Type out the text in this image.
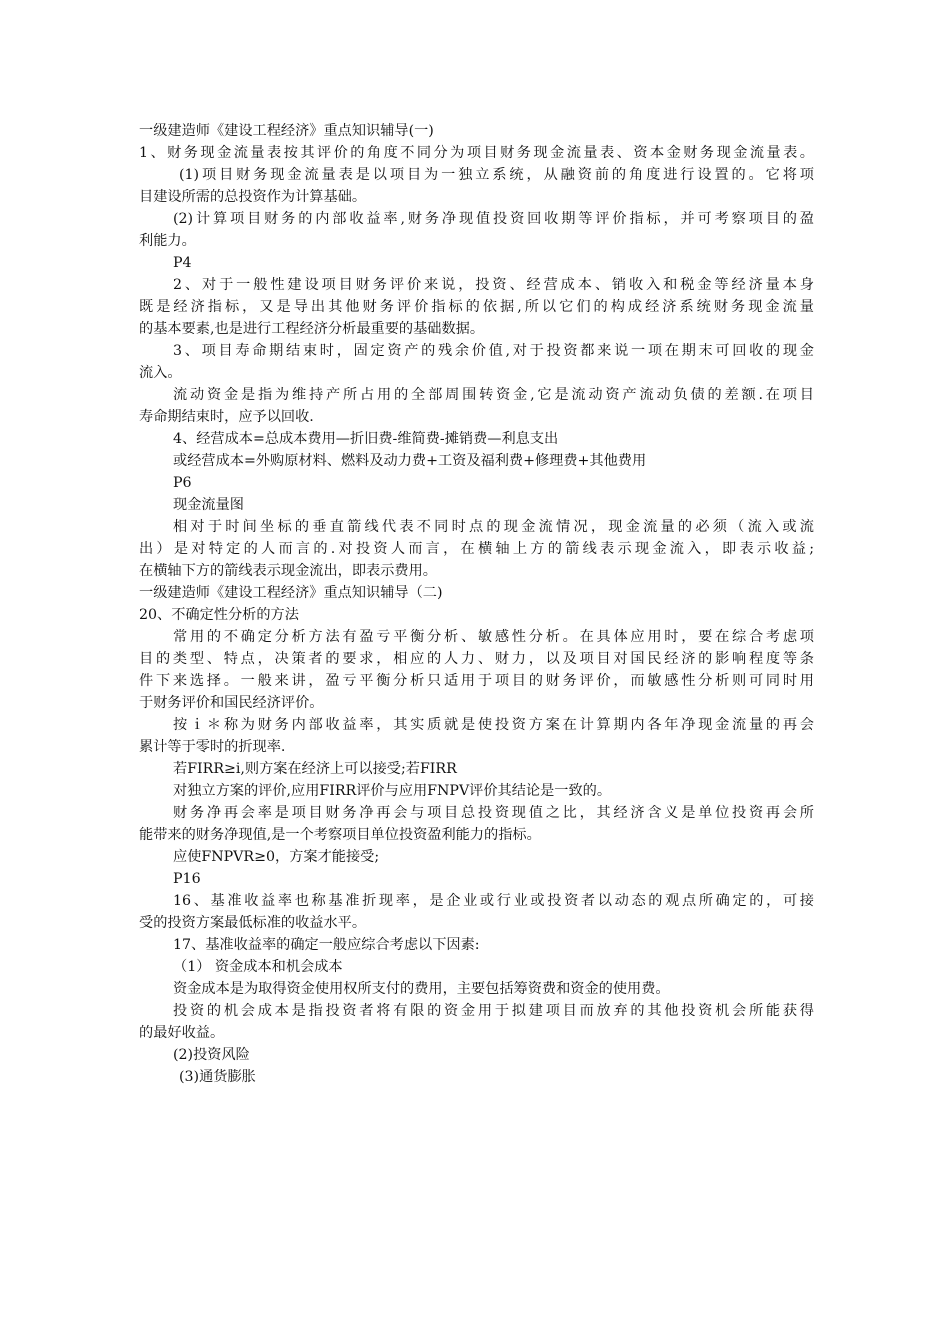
一级建造师《建设工程经济》重点知识辅导(一)
1、财务现金流量表按其评价的角度不同分为项目财务现金流量表、资本金财务现金流量表。
(1)项目财务现金流量表是以项目为一独立系统，从融资前的角度进行设置的。它将项
目建设所需的总投资作为计算基础。
(2)计算项目财务的内部收益率,财务净现值投资回收期等评价指标，并可考察项目的盈
利能力。
P4
2、对于一般性建设项目财务评价来说，投资、经营成本、销收入和税金等经济量本身
既是经济指标，又是导出其他财务评价指标的依据,所以它们的构成经济系统财务现金流量
的基本要素,也是进行工程经济分析最重要的基础数据。
3、项目寿命期结束时，固定资产的残余价值,对于投资都来说一项在期末可回收的现金
流入。
流动资金是指为维持产所占用的全部周围转资金,它是流动资产流动负债的差额.在项目
寿命期结束时，应予以回收.
4、经营成本=总成本费用—折旧费-维简费-摊销费—利息支出
或经营成本=外购原材料、燃料及动力费+工资及福利费+修理费+其他费用
P6
现金流量图
相对于时间坐标的垂直箭线代表不同时点的现金流情况，现金流量的必须（流入或流
出）是对特定的人而言的.对投资人而言，在横轴上方的箭线表示现金流入，即表示收益;
在横轴下方的箭线表示现金流出，即表示费用。
一级建造师《建设工程经济》重点知识辅导（二)
20、不确定性分析的方法
常用的不确定分析方法有盈亏平衡分析、敏感性分析。在具体应用时，要在综合考虑项
目的类型、特点，决策者的要求，相应的人力、财力，以及项目对国民经济的影响程度等条
件下来选择。一般来讲，盈亏平衡分析只适用于项目的财务评价，而敏感性分析则可同时用
于财务评价和国民经济评价。
按ｉ＊称为财务内部收益率，其实质就是使投资方案在计算期内各年净现金流量的再会
累计等于零时的折现率.
若FIRR≥i,则方案在经济上可以接受;若FIRR
对独立方案的评价,应用FIRR评价与应用FNPV评价其结论是一致的。
财务净再会率是项目财务净再会与项目总投资现值之比，其经济含义是单位投资再会所
能带来的财务净现值,是一个考察项目单位投资盈利能力的指标。
应使FNPVR≥0，方案才能接受;
P16
16、基准收益率也称基准折现率，是企业或行业或投资者以动态的观点所确定的，可接
受的投资方案最低标准的收益水平。
17、基准收益率的确定一般应综合考虑以下因素:
（1） 资金成本和机会成本
资金成本是为取得资金使用权所支付的费用，主要包括筹资费和资金的使用费。
投资的机会成本是指投资者将有限的资金用于拟建项目而放弃的其他投资机会所能获得
的最好收益。
(2)投资风险
(3)通货膨胀
